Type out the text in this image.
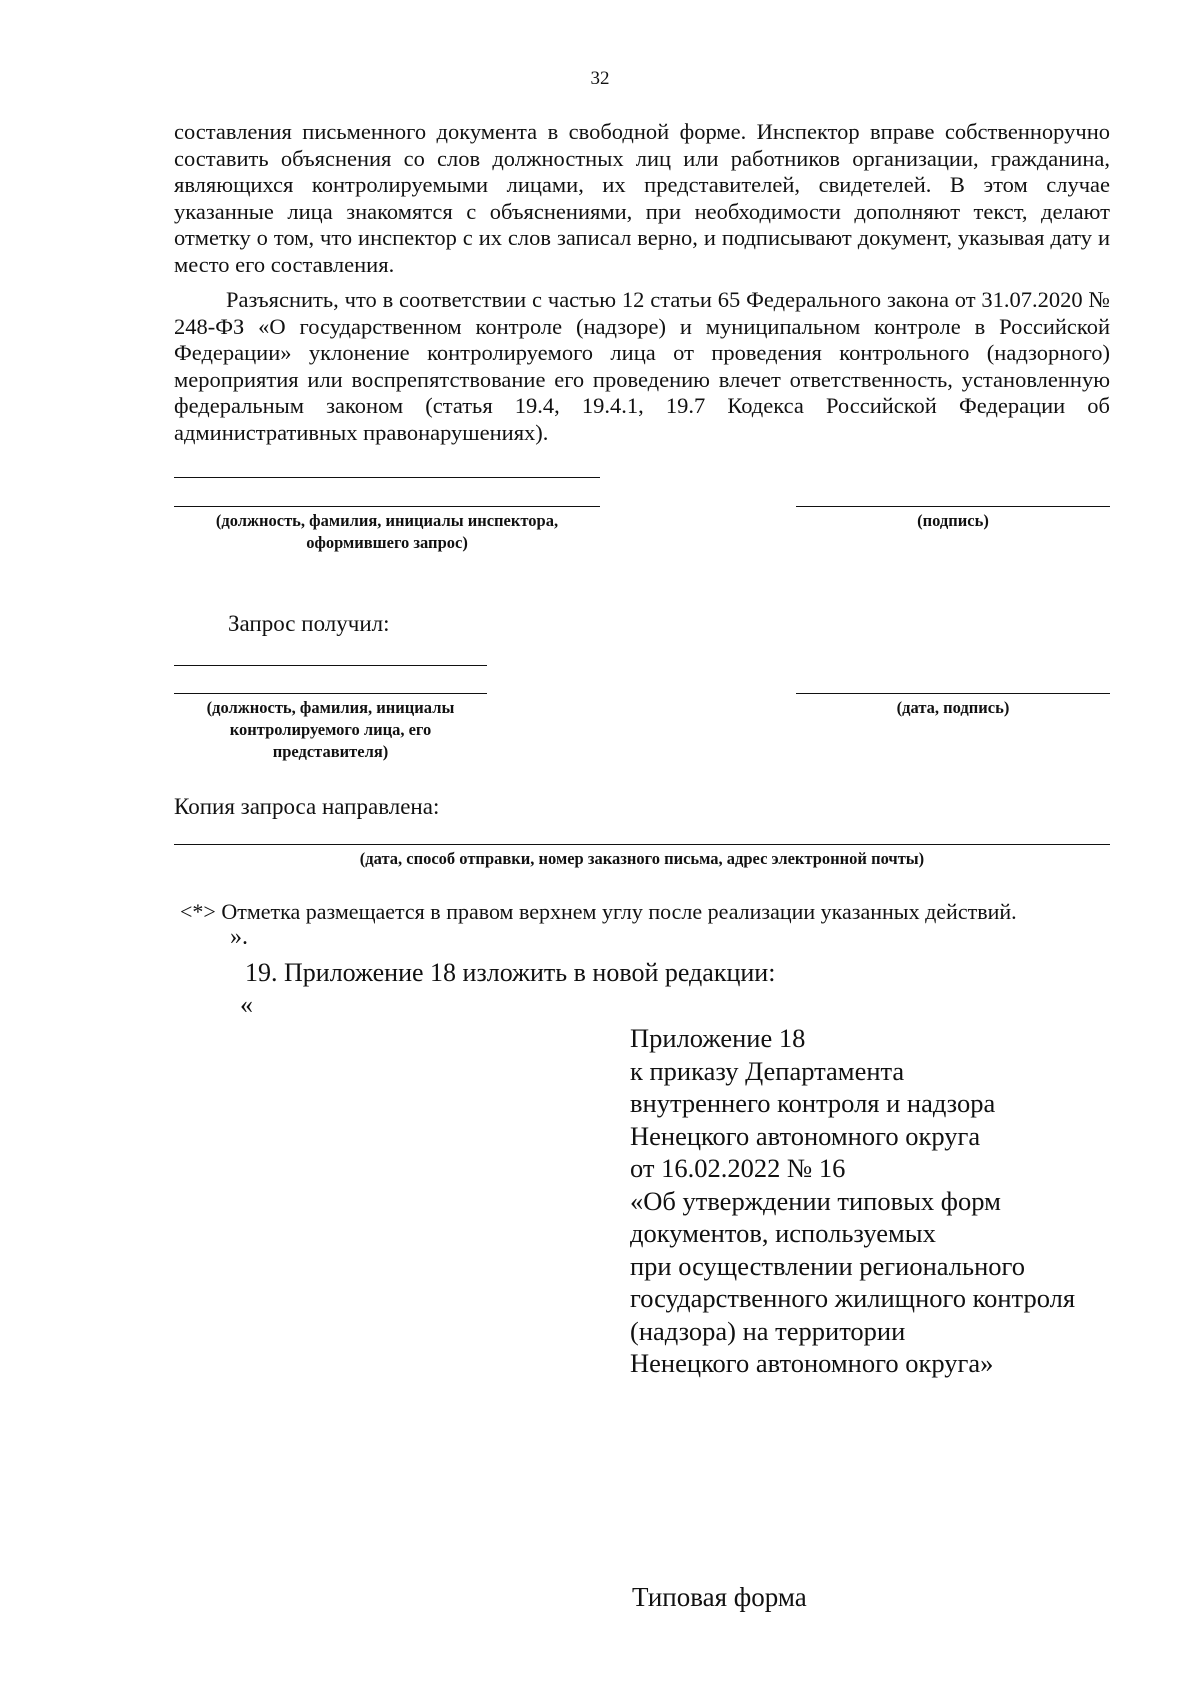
32
составления письменного документа в свободной форме. Инспектор вправе собственноручно составить объяснения со слов должностных лиц или работников организации, гражданина, являющихся контролируемыми лицами, их представителей, свидетелей. В этом случае указанные лица знакомятся с объяснениями, при необходимости дополняют текст, делают отметку о том, что инспектор с их слов записал верно, и подписывают документ, указывая дату и место его составления.
Разъяснить, что в соответствии с частью 12 статьи 65 Федерального закона от 31.07.2020 № 248-ФЗ «О государственном контроле (надзоре) и муниципальном контроле в Российской Федерации» уклонение контролируемого лица от проведения контрольного (надзорного) мероприятия или воспрепятствование его проведению влечет ответственность, установленную федеральным законом (статья 19.4, 19.4.1, 19.7 Кодекса Российской Федерации об административных правонарушениях).
(должность, фамилия, инициалы инспектора,
оформившего запрос)
(подпись)
Запрос получил:
(должность, фамилия, инициалы
контролируемого лица, его
представителя)
(дата, подпись)
Копия запроса направлена:
(дата, способ отправки, номер заказного письма, адрес электронной почты)
<*> Отметка размещается в правом верхнем углу после реализации указанных действий.
».
19. Приложение 18 изложить в новой редакции:
«
Приложение 18
к приказу Департамента
внутреннего контроля и надзора
Ненецкого автономного округа
от 16.02.2022 № 16
«Об утверждении типовых форм
документов, используемых
при осуществлении регионального
государственного жилищного контроля
(надзора) на территории
Ненецкого автономного округа»
Типовая форма
